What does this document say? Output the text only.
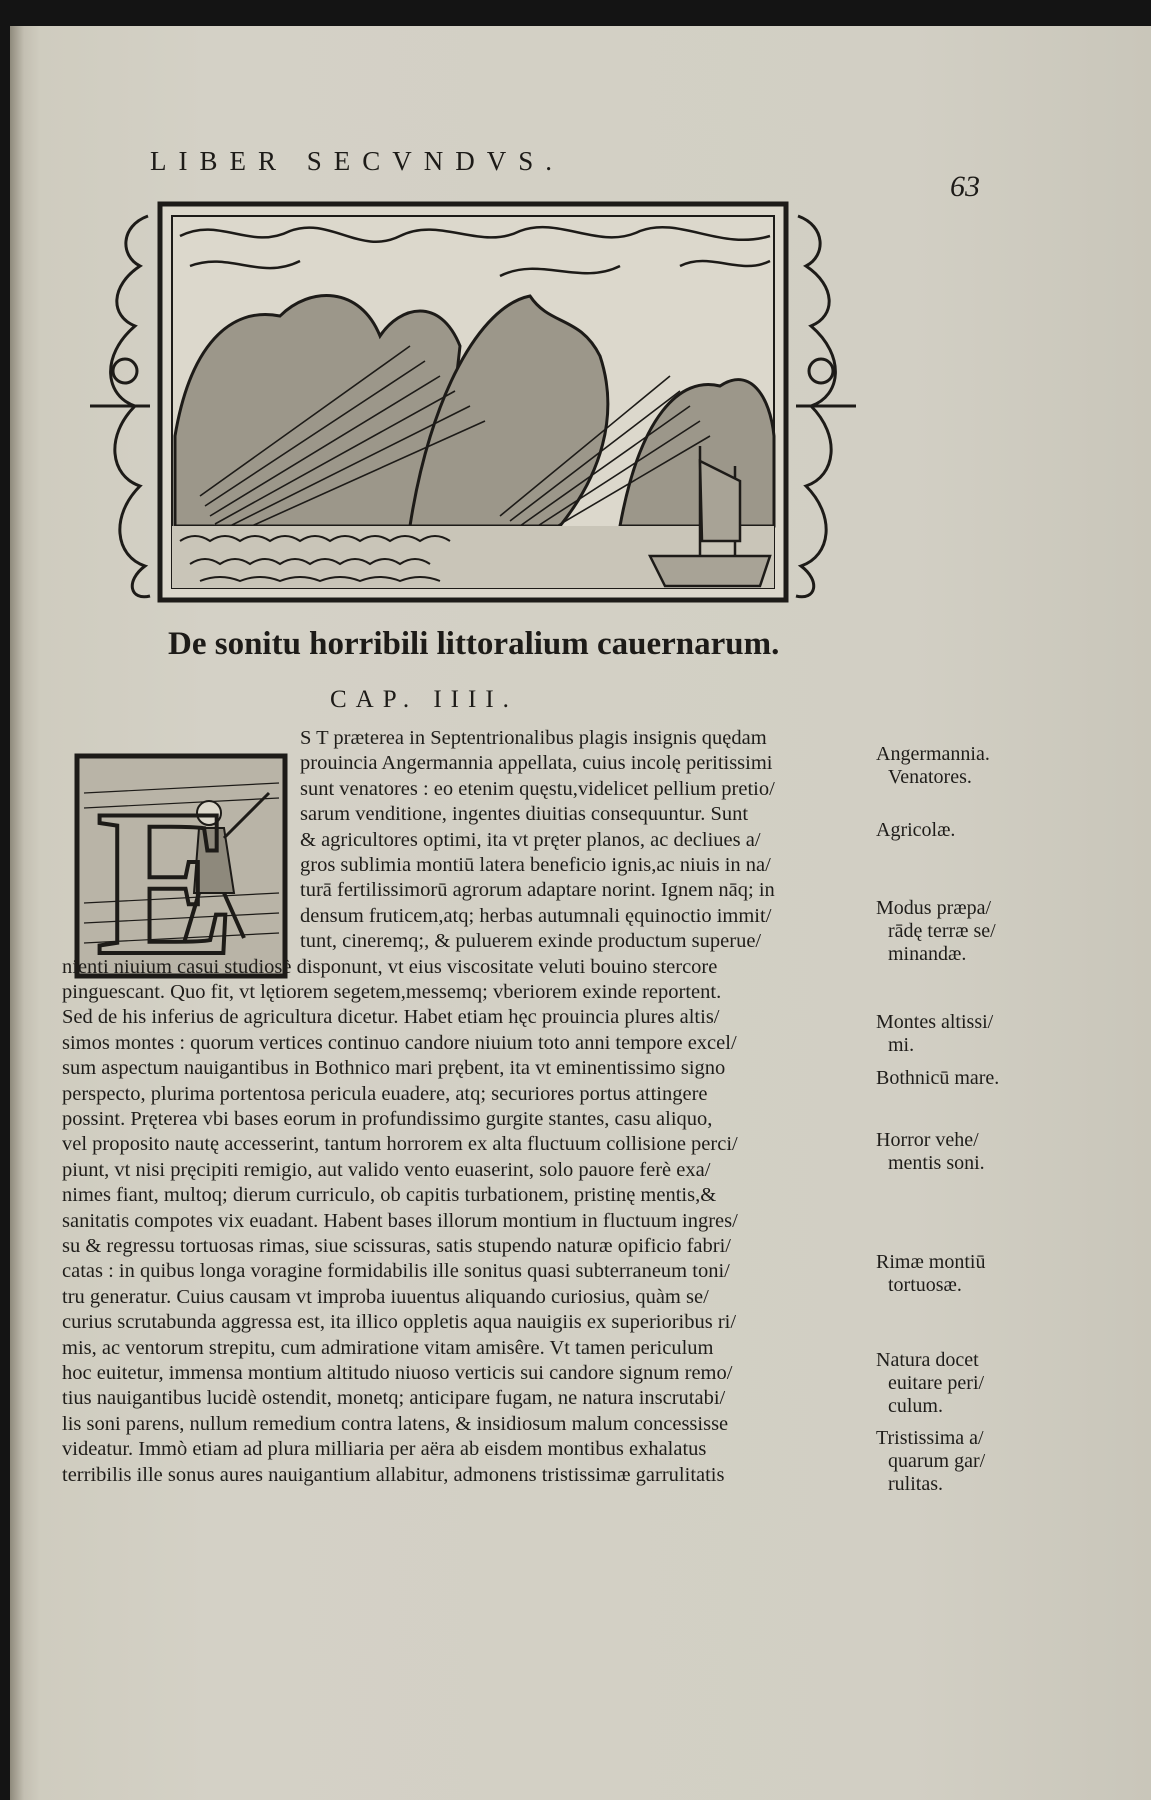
LIBER SECVNDVS.
63
De sonitu horribili littoralium cauernarum.
CAP. IIII.
E
S T præterea in Septentrionalibus plagis insignis quędam
prouincia Angermannia appellata, cuius incolę peritissimi
sunt venatores : eo etenim quęstu,videlicet pellium pretio/
sarum venditione, ingentes diuitias consequuntur. Sunt
& agricultores optimi, ita vt pręter planos, ac decliues a/
gros sublimia montiū latera beneficio ignis,ac niuis in na/
turā fertilissimorū agrorum adaptare norint. Ignem nāq; in
densum fruticem,atq; herbas autumnali ęquinoctio immit/
tunt, cineremq;, & puluerem exinde productum superue/
nienti niuium casui studiosè disponunt, vt eius viscositate veluti bouino stercore
pinguescant. Quo fit, vt lętiorem segetem,messemq; vberiorem exinde reportent.
Sed de his inferius de agricultura dicetur. Habet etiam hęc prouincia plures altis/
simos montes : quorum vertices continuo candore niuium toto anni tempore excel/
sum aspectum nauigantibus in Bothnico mari prębent, ita vt eminentissimo signo
perspecto, plurima portentosa pericula euadere, atq; securiores portus attingere
possint. Pręterea vbi bases eorum in profundissimo gurgite stantes, casu aliquo,
vel proposito nautę accesserint, tantum horrorem ex alta fluctuum collisione perci/
piunt, vt nisi pręcipiti remigio, aut valido vento euaserint, solo pauore ferè exa/
nimes fiant, multoq; dierum curriculo, ob capitis turbationem, pristinę mentis,&
sanitatis compotes vix euadant. Habent bases illorum montium in fluctuum ingres/
su & regressu tortuosas rimas, siue scissuras, satis stupendo naturæ opificio fabri/
catas : in quibus longa voragine formidabilis ille sonitus quasi subterraneum toni/
tru generatur. Cuius causam vt improba iuuentus aliquando curiosius, quàm se/
curius scrutabunda aggressa est, ita illico oppletis aqua nauigiis ex superioribus ri/
mis, ac ventorum strepitu, cum admiratione vitam amisêre. Vt tamen periculum
hoc euitetur, immensa montium altitudo niuoso verticis sui candore signum remo/
tius nauigantibus lucidè ostendit, monetq; anticipare fugam, ne natura inscrutabi/
lis soni parens, nullum remedium contra latens, & insidiosum malum concessisse
videatur. Immò etiam ad plura milliaria per aëra ab eisdem montibus exhalatus
terribilis ille sonus aures nauigantium allabitur, admonens tristissimæ garrulitatis
Angermannia.
Venatores.
Agricolæ.
Modus præpa/
rādę terræ se/
minandæ.
Montes altissi/
mi.
Bothnicū mare.
Horror vehe/
mentis soni.
Rimæ montiū
tortuosæ.
Natura docet
euitare peri/
culum.
Tristissima a/
quarum gar/
rulitas.
